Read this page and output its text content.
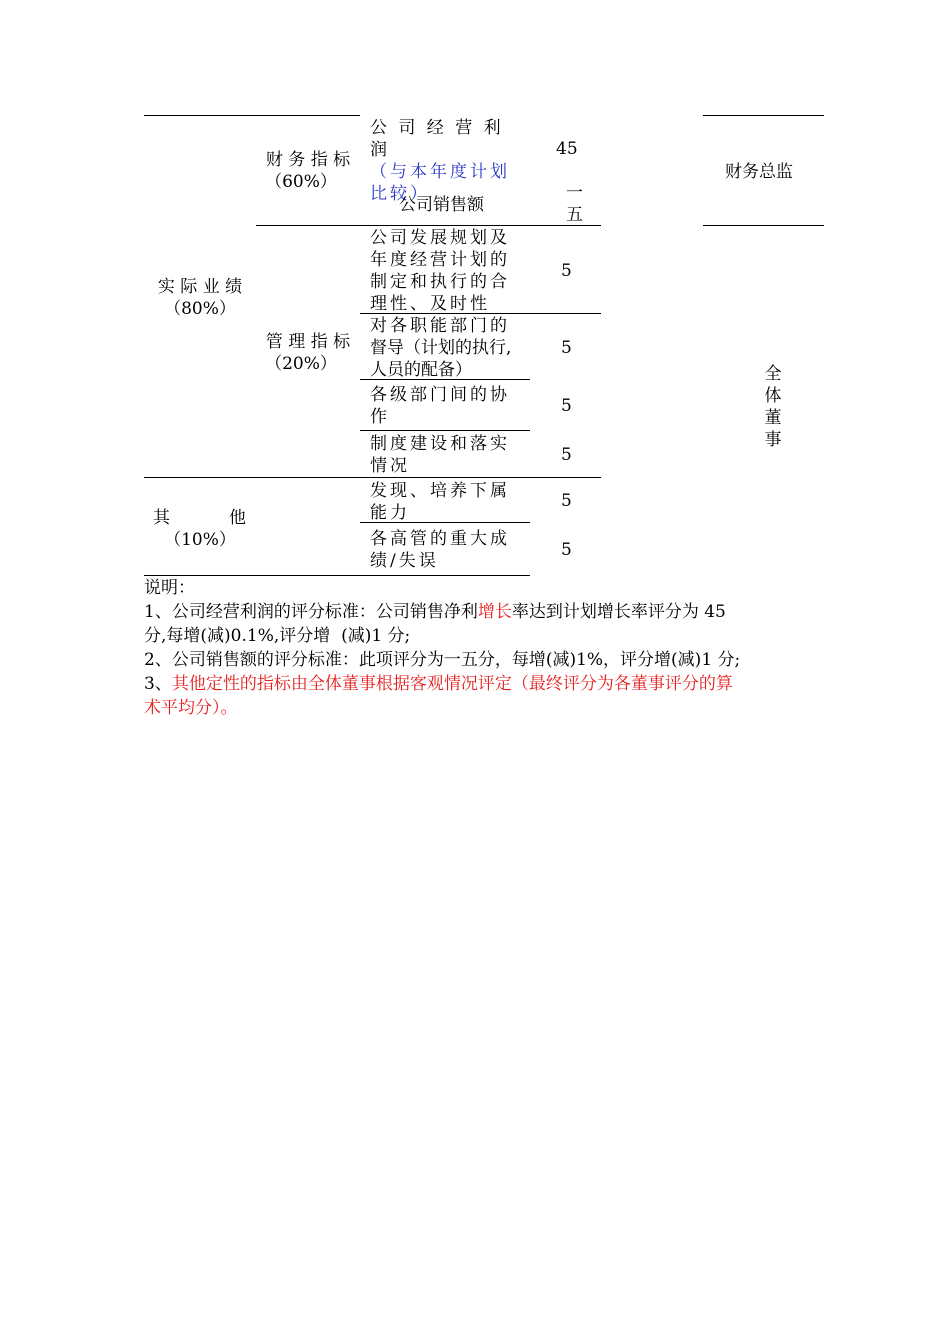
实 际 业 绩
（80%）
其	他
（10%）
财 务 指 标
（60%）
管 理 指 标
（20%）
公 司 经 营 利 润
（与本年度计划
比较）
45
公司销售额
一
五
公司发展规划及
年度经营计划的
制定和执行的合
理性、及时性
5
对各职能部门的
督导（计划的执行,
人员的配备）
5
各级部门间的协
作
5
制度建设和落实
情况
5
发现、培养下属
能力
5
各高管的重大成
绩/失误
5
财务总监
全
体
董
事
说明：
1、公司经营利润的评分标准：公司销售净利增长率达到计划增长率评分为 45
分,每增(减)0.1%,评分增  (减)1 分;
2、公司销售额的评分标准：此项评分为一五分，每增(减)1%，评分增(减)1 分;
3、其他定性的指标由全体董事根据客观情况评定（最终评分为各董事评分的算
术平均分）。
